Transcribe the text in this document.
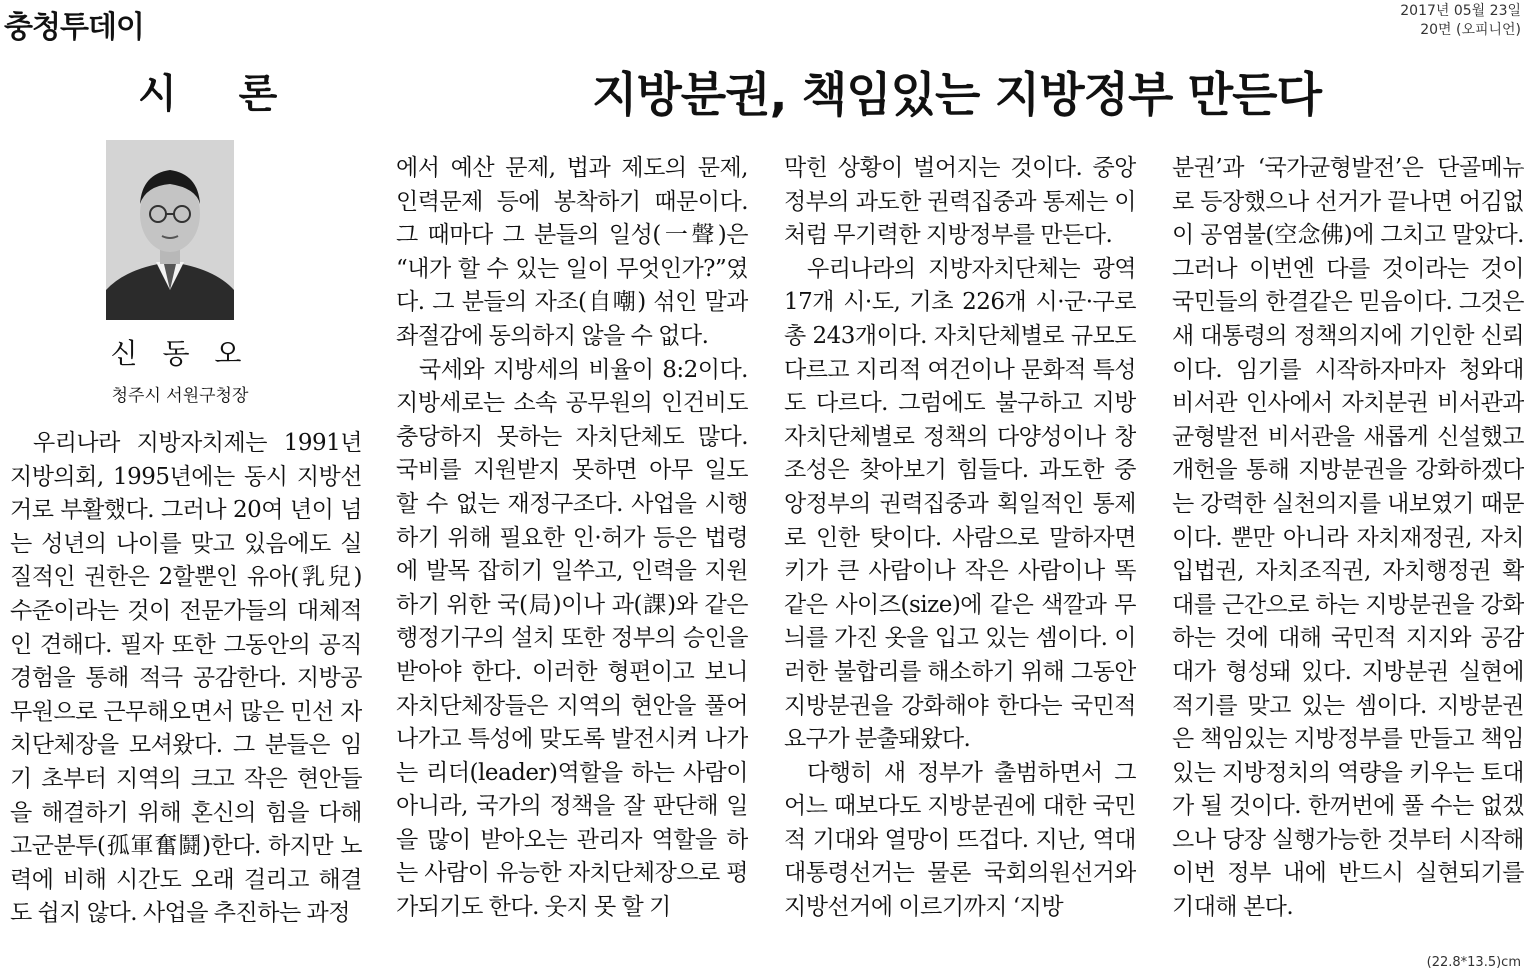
충청투데이	2017년 05월 23일
20면 (오피니언)
시 론	지방분권, 책임있는 지방정부 만든다
신 동 오
청주시 서원구청장

우리나라 지방자치제는 1991년 지방의회, 1995년에는 동시 지방선거로 부활했다. 그러나 20여 년이 넘는 성년의 나이를 맞고 있음에도 실질적인 권한은 2할뿐인 유아(乳兒) 수준이라는 것이 전문가들의 대체적인 견해다. 필자 또한 그동안의 공직경험을 통해 적극 공감한다. 지방공무원으로 근무해오면서 많은 민선 자치단체장을 모셔왔다. 그 분들은 임기 초부터 지역의 크고 작은 현안들을 해결하기 위해 혼신의 힘을 다해 고군분투(孤軍奮鬪)한다. 하지만 노력에 비해 시간도 오래 걸리고 해결도 쉽지 않다. 사업을 추진하는 과정

에서 예산 문제, 법과 제도의 문제, 인력문제 등에 봉착하기 때문이다. 그 때마다 그 분들의 일성(一聲)은 “내가 할 수 있는 일이 무엇인가?”였다. 그 분들의 자조(自嘲) 섞인 말과 좌절감에 동의하지 않을 수 없다.

국세와 지방세의 비율이 8:2이다. 지방세로는 소속 공무원의 인건비도 충당하지 못하는 자치단체도 많다. 국비를 지원받지 못하면 아무 일도 할 수 없는 재정구조다. 사업을 시행하기 위해 필요한 인·허가 등은 법령에 발목 잡히기 일쑤고, 인력을 지원하기 위한 국(局)이나 과(課)와 같은 행정기구의 설치 또한 정부의 승인을 받아야 한다. 이러한 형편이고 보니 자치단체장들은 지역의 현안을 풀어나가고 특성에 맞도록 발전시켜 나가는 리더(leader)역할을 하는 사람이 아니라, 국가의 정책을 잘 판단해 일을 많이 받아오는 관리자 역할을 하는 사람이 유능한 자치단체장으로 평가되기도 한다. 웃지 못 할 기

막힌 상황이 벌어지는 것이다. 중앙정부의 과도한 권력집중과 통제는 이처럼 무기력한 지방정부를 만든다.

우리나라의 지방자치단체는 광역 17개 시·도, 기초 226개 시·군·구로 총 243개이다. 자치단체별로 규모도 다르고 지리적 여건이나 문화적 특성도 다르다. 그럼에도 불구하고 지방자치단체별로 정책의 다양성이나 창조성은 찾아보기 힘들다. 과도한 중앙정부의 권력집중과 획일적인 통제로 인한 탓이다. 사람으로 말하자면 키가 큰 사람이나 작은 사람이나 똑 같은 사이즈(size)에 같은 색깔과 무늬를 가진 옷을 입고 있는 셈이다. 이러한 불합리를 해소하기 위해 그동안 지방분권을 강화해야 한다는 국민적 요구가 분출돼왔다.

다행히 새 정부가 출범하면서 그 어느 때보다도 지방분권에 대한 국민적 기대와 열망이 뜨겁다. 지난, 역대 대통령선거는 물론 국회의원선거와 지방선거에 이르기까지 ‘지방

분권’과 ‘국가균형발전’은 단골메뉴로 등장했으나 선거가 끝나면 어김없이 공염불(空念佛)에 그치고 말았다. 그러나 이번엔 다를 것이라는 것이 국민들의 한결같은 믿음이다. 그것은 새 대통령의 정책의지에 기인한 신뢰이다. 임기를 시작하자마자 청와대 비서관 인사에서 자치분권 비서관과 균형발전 비서관을 새롭게 신설했고 개헌을 통해 지방분권을 강화하겠다는 강력한 실천의지를 내보였기 때문이다. 뿐만 아니라 자치재정권, 자치입법권, 자치조직권, 자치행정권 확대를 근간으로 하는 지방분권을 강화하는 것에 대해 국민적 지지와 공감대가 형성돼 있다. 지방분권 실현에 적기를 맞고 있는 셈이다. 지방분권은 책임있는 지방정부를 만들고 책임있는 지방정치의 역량을 키우는 토대가 될 것이다. 한꺼번에 풀 수는 없겠으나 당장 실행가능한 것부터 시작해 이번 정부 내에 반드시 실현되기를 기대해 본다.

(22.8*13.5)cm
